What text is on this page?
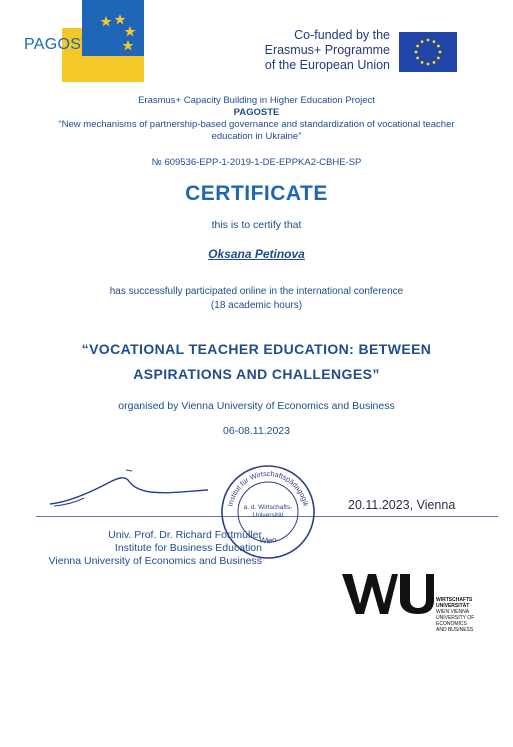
PAGOSTE
Co-funded by the
Erasmus+ Programme
of the European Union
Erasmus+ Capacity Building in Higher Education Project
PAGOSTE
“New mechanisms of partnership-based governance and standardization of vocational teacher
education in Ukraine”
№ 609536-EPP-1-2019-1-DE-EPPKA2-CBHE-SP
CERTIFICATE
this is to certify that
Oksana Petinova
has successfully participated online in the international conference
(18 academic hours)
“VOCATIONAL TEACHER EDUCATION: BETWEEN
ASPIRATIONS AND CHALLENGES”
organised by Vienna University of Economics and Business
06-08.11.2023
20.11.2023, Vienna
Univ. Prof. Dr. Richard Fortmüller
Institute for Business Education
Vienna University of Economics and Business
Institut für Wirtschaftspädagogik
a. d. Wirtschafts-
Universität
Wien
WIRTSCHAFTS
UNIVERSITÄT
WIEN VIENNA
UNIVERSITY OF
ECONOMICS
AND BUSINESS
